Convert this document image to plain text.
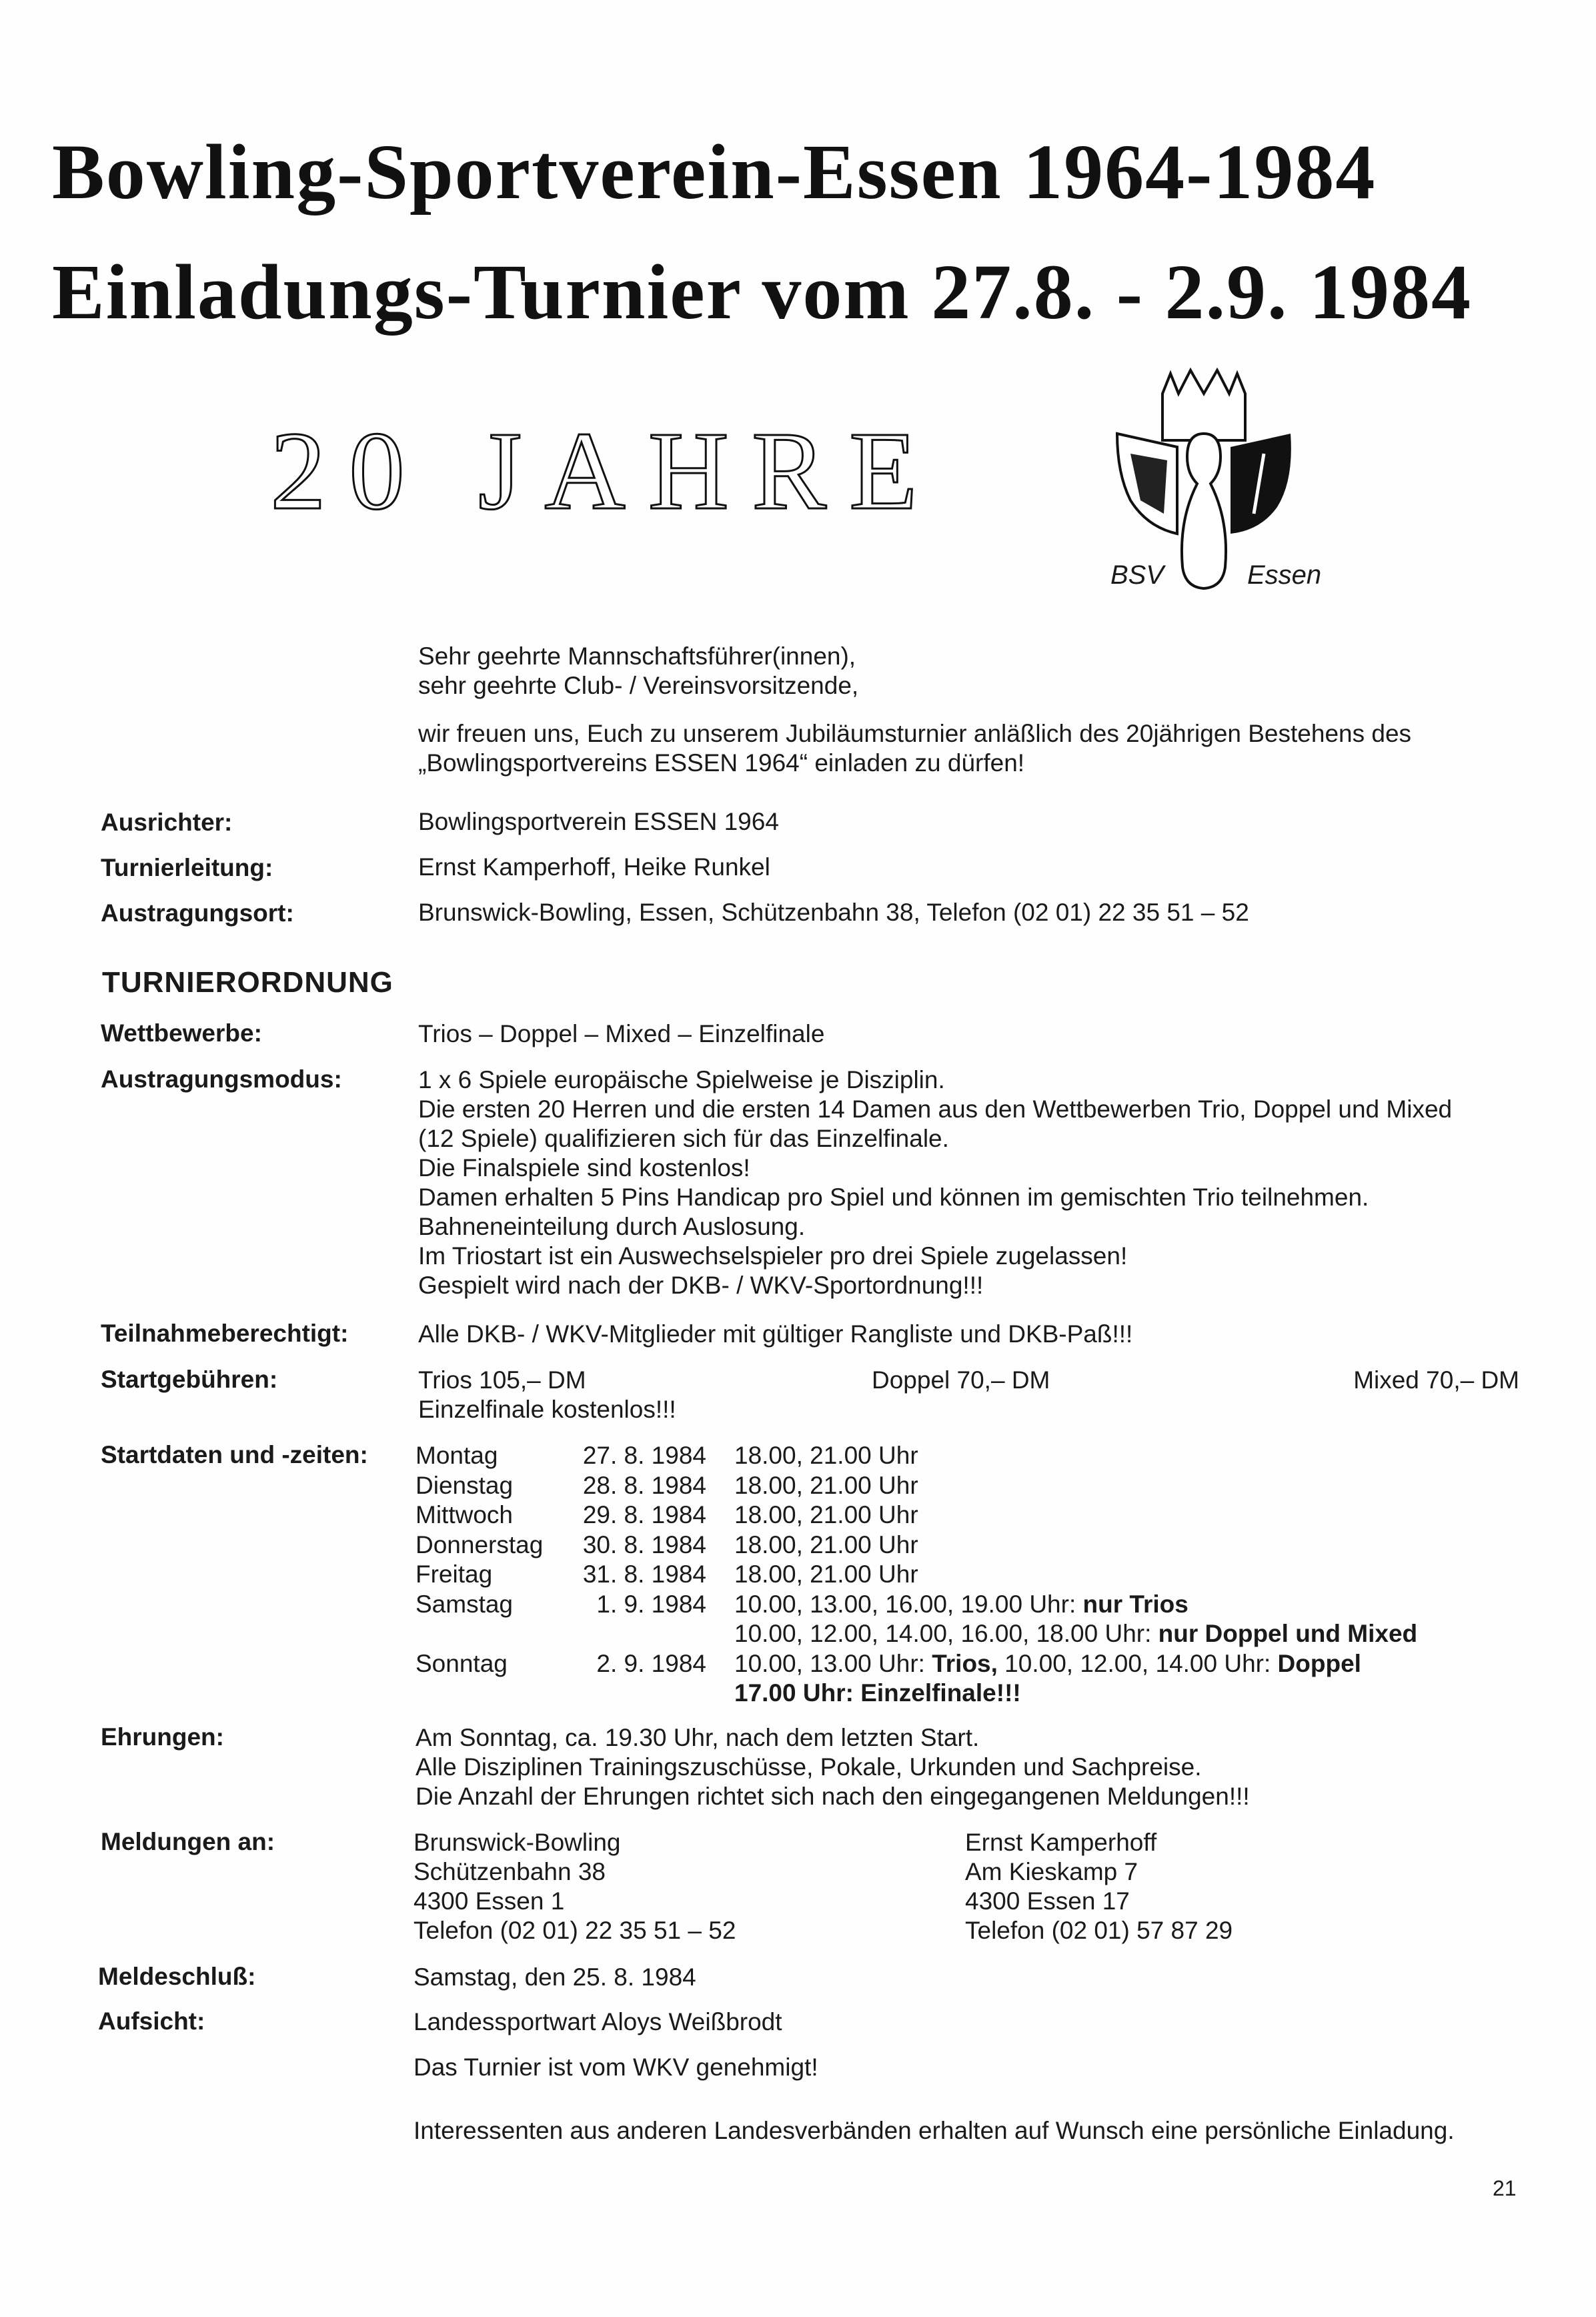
Bowling-Sportverein-Essen 1964-1984
Einladungs-Turnier vom 27.8. - 2.9. 1984
20 JAHRE
BSV	Essen
Sehr geehrte Mannschaftsführer(innen),
sehr geehrte Club- / Vereinsvorsitzende,
wir freuen uns, Euch zu unserem Jubiläumsturnier anläßlich des 20jährigen Bestehens des
„Bowlingsportvereins ESSEN 1964“ einladen zu dürfen!
Ausrichter:	Bowlingsportverein ESSEN 1964
Turnierleitung:	Ernst Kamperhoff, Heike Runkel
Austragungsort:	Brunswick-Bowling, Essen, Schützenbahn 38, Telefon (02 01) 22 35 51 – 52
TURNIERORDNUNG
Wettbewerbe:	Trios – Doppel – Mixed – Einzelfinale
Austragungsmodus:	1 x 6 Spiele europäische Spielweise je Disziplin.
Die ersten 20 Herren und die ersten 14 Damen aus den Wettbewerben Trio, Doppel und Mixed
(12 Spiele) qualifizieren sich für das Einzelfinale.
Die Finalspiele sind kostenlos!
Damen erhalten 5 Pins Handicap pro Spiel und können im gemischten Trio teilnehmen.
Bahneneinteilung durch Auslosung.
Im Triostart ist ein Auswechselspieler pro drei Spiele zugelassen!
Gespielt wird nach der DKB- / WKV-Sportordnung!!!
Teilnahmeberechtigt:	Alle DKB- / WKV-Mitglieder mit gültiger Rangliste und DKB-Paß!!!
Startgebühren:	Trios 105,– DM	Doppel 70,– DM	Mixed 70,– DM
Einzelfinale kostenlos!!!
Startdaten und -zeiten: Montag	27. 8. 1984 18.00, 21.00 Uhr
Dienstag	28. 8. 1984 18.00, 21.00 Uhr
Mittwoch	29. 8. 1984 18.00, 21.00 Uhr
Donnerstag	30. 8. 1984 18.00, 21.00 Uhr
Freitag	31. 8. 1984 18.00, 21.00 Uhr
Samstag	1. 9. 1984 10.00, 13.00, 16.00, 19.00 Uhr: nur Trios
10.00, 12.00, 14.00, 16.00, 18.00 Uhr: nur Doppel und Mixed
Sonntag	2. 9. 1984 10.00, 13.00 Uhr: Trios, 10.00, 12.00, 14.00 Uhr: Doppel
17.00 Uhr: Einzelfinale!!!
Ehrungen:	Am Sonntag, ca. 19.30 Uhr, nach dem letzten Start.
Alle Disziplinen Trainingszuschüsse, Pokale, Urkunden und Sachpreise.
Die Anzahl der Ehrungen richtet sich nach den eingegangenen Meldungen!!!
Meldungen an:	Brunswick-Bowling
Schützenbahn 38
4300 Essen 1
Telefon (02 01) 22 35 51 – 52
Ernst Kamperhoff
Am Kieskamp 7
4300 Essen 17
Telefon (02 01) 57 87 29
Meldeschluß:	Samstag, den 25. 8. 1984
Aufsicht:	Landessportwart Aloys Weißbrodt
Das Turnier ist vom WKV genehmigt!
Interessenten aus anderen Landesverbänden erhalten auf Wunsch eine persönliche Einladung.
21
